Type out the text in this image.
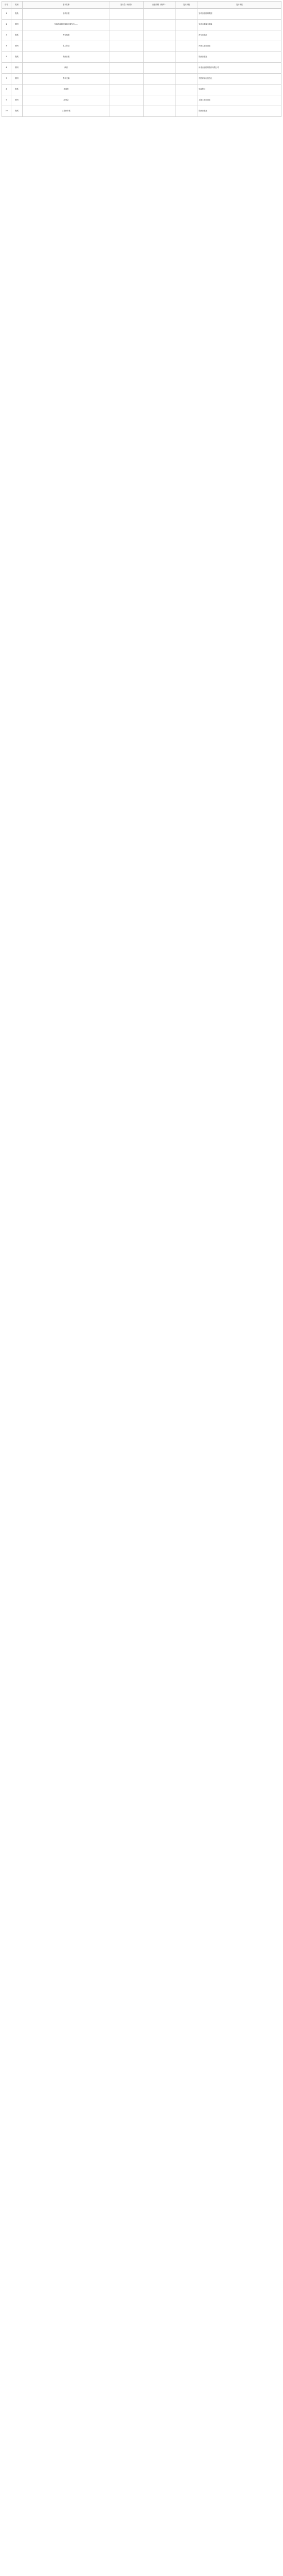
序号	类别	报刊名称	发行量（份/期）	出版周期（期/年）	发行天数	发行单位
1	报纸	宝鸡日报				宝鸡日报传媒集团
2	期刊	宝鸡市新闻出版局出版发行……				宝鸡市新闻出版局
3	报纸	西安晚报				西安日报社
4	期刊	名人传记				河南文艺出版社
5	报纸	陕西日报				陕西日报社
6	期刊	读者				读者出版传媒股份有限公司
7	期刊	青年文摘				中国青年出版总社
8	报纸	华商报				华商报社
9	期刊	故事会				上海文艺出版社
10	报纸	三秦都市报				陕西日报社
